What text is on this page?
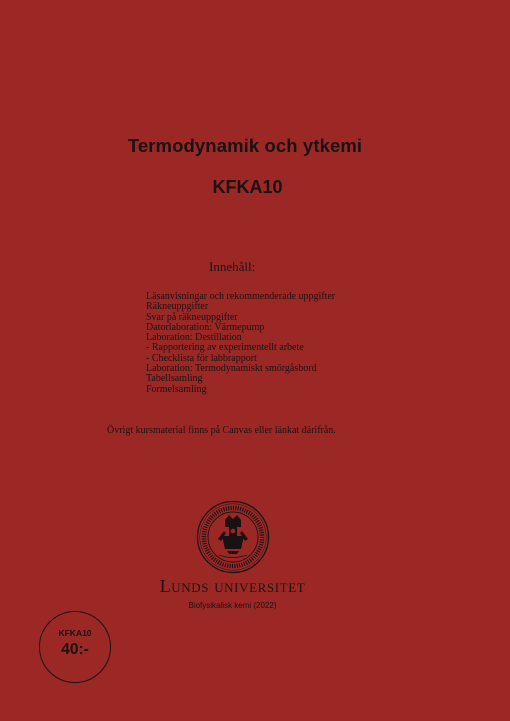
Termodynamik och ytkemi
KFKA10
Innehåll:
Läsanvisningar och rekommenderade uppgifter
Räkneuppgifter
Svar på räkneuppgifter
Datorlaboration: Värmepump
Laboration: Destillation
- Rapportering av experimentellt arbete
- Checklista för labbrapport
Laboration: Termodynamiskt smörgåsbord
Tabellsamling
Formelsamling
Övrigt kursmaterial finns på Canvas eller länkat därifrån.
Lunds universitet
Biofysikalisk kemi (2022)
KFKA10
40:-
